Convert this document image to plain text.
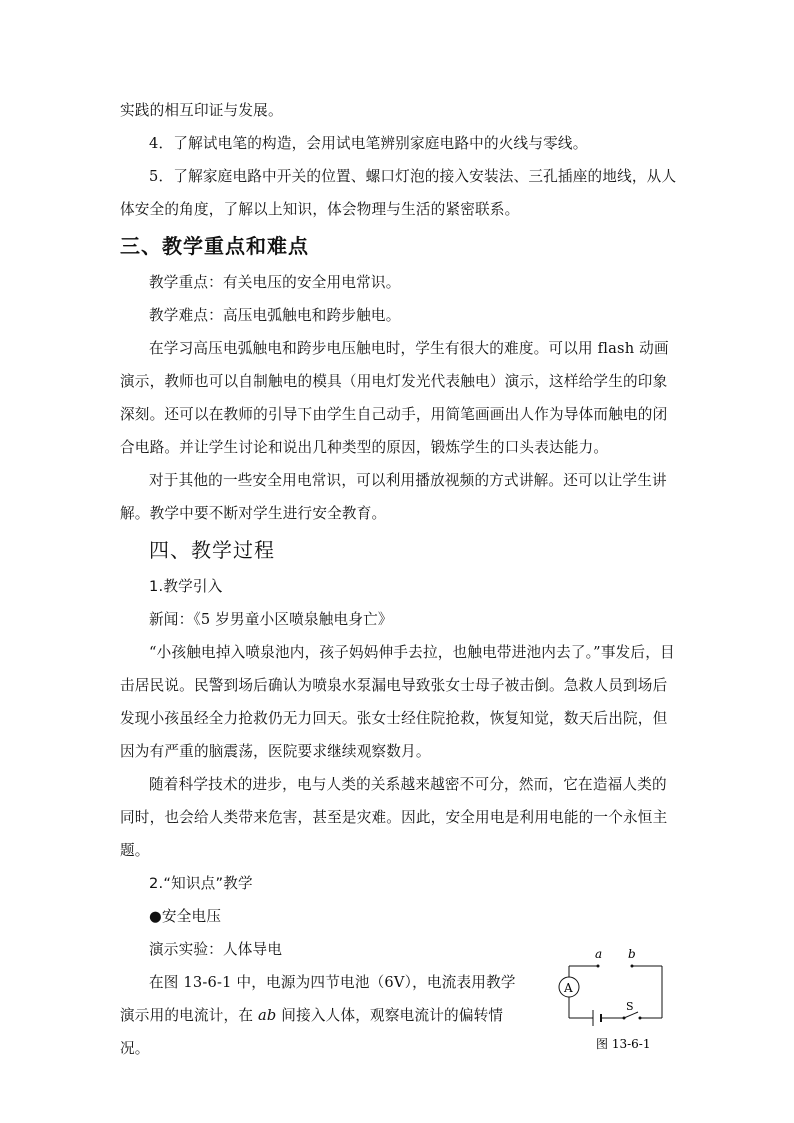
实践的相互印证与发展。

4．了解试电笔的构造，会用试电笔辨别家庭电路中的火线与零线。

5．了解家庭电路中开关的位置、螺口灯泡的接入安装法、三孔插座的地线，从人体安全的角度，了解以上知识，体会物理与生活的紧密联系。

三、教学重点和难点

教学重点：有关电压的安全用电常识。

教学难点：高压电弧触电和跨步触电。

在学习高压电弧触电和跨步电压触电时，学生有很大的难度。可以用 flash 动画演示，教师也可以自制触电的模具（用电灯发光代表触电）演示，这样给学生的印象深刻。还可以在教师的引导下由学生自己动手，用简笔画画出人作为导体而触电的闭合电路。并让学生讨论和说出几种类型的原因，锻炼学生的口头表达能力。

对于其他的一些安全用电常识，可以利用播放视频的方式讲解。还可以让学生讲解。教学中要不断对学生进行安全教育。

四、教学过程

1.教学引入

新闻：《5 岁男童小区喷泉触电身亡》

“小孩触电掉入喷泉池内，孩子妈妈伸手去拉，也触电带进池内去了。”事发后，目击居民说。民警到场后确认为喷泉水泵漏电导致张女士母子被击倒。急救人员到场后发现小孩虽经全力抢救仍无力回天。张女士经住院抢救，恢复知觉，数天后出院，但因为有严重的脑震荡，医院要求继续观察数月。

随着科学技术的进步，电与人类的关系越来越密不可分，然而，它在造福人类的同时，也会给人类带来危害，甚至是灾难。因此，安全用电是利用电能的一个永恒主题。

2.“知识点”教学

●安全电压

演示实验：人体导电

在图 13-6-1 中，电源为四节电池（6V），电流表用教学演示用的电流计，在 ab 间接入人体，观察电流计的偏转情况。

a b
A
S
图 13-6-1
